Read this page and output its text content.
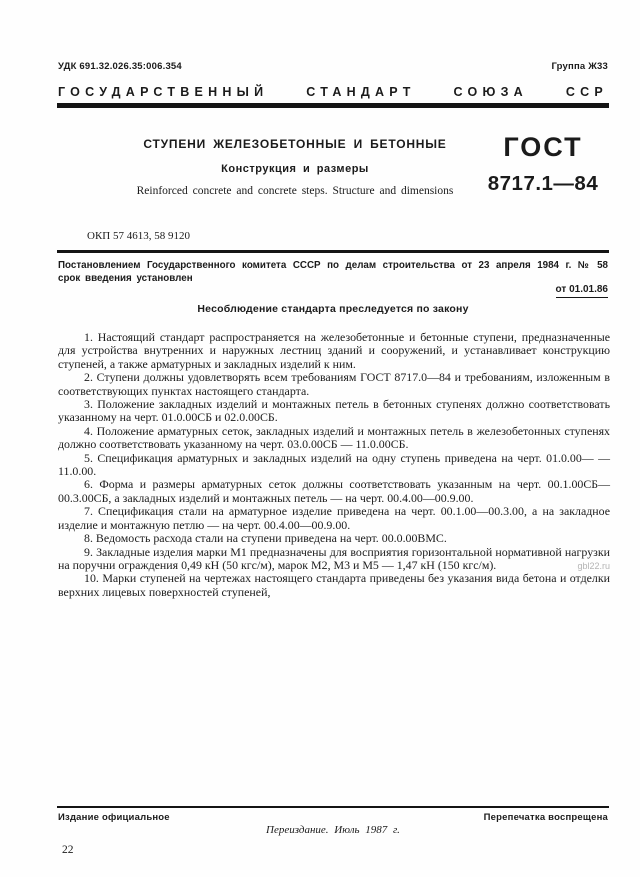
УДК 691.32.026.35:006.354	Группа Ж33
ГОСУДАРСТВЕННЫЙ	СТАНДАРТ	СОЮЗА	ССР
СТУПЕНИ ЖЕЛЕЗОБЕТОННЫЕ И БЕТОННЫЕ
Конструкция и размеры
Reinforced concrete and concrete steps. Structure and dimensions
ГОСТ
8717.1—84
ОКП 57 4613, 58 9120
Постановлением Государственного комитета СССР по делам строительства от 23 апреля 1984 г. № 58 срок введения установлен
от 01.01.86
Несоблюдение стандарта преследуется по закону

1. Настоящий стандарт распространяется на железобетонные и бетонные ступени, предназначенные для устройства внутренних и наружных лестниц зданий и сооружений, и устанавливает конструкцию ступеней, а также арматурных и закладных изделий к ним.

2. Ступени должны удовлетворять всем требованиям ГОСТ 8717.0—84 и требованиям, изложенным в соответствующих пунктах настоящего стандарта.

3. Положение закладных изделий и монтажных петель в бетонных ступенях должно соответствовать указанному на черт. 01.0.00СБ и 02.0.00СБ.

4. Положение арматурных сеток, закладных изделий и монтажных петель в железобетонных ступенях должно соответствовать указанному на черт. 03.0.00СБ — 11.0.00СБ.

5. Спецификация арматурных и закладных изделий на одну ступень приведена на черт. 01.0.00— —11.0.00.

6. Форма и размеры арматурных сеток должны соответствовать указанным на черт. 00.1.00СБ—00.3.00СБ, а закладных изделий и монтажных петель — на черт. 00.4.00—00.9.00.

7. Спецификация стали на арматурное изделие приведена на черт. 00.1.00—00.3.00, а на закладное изделие и монтажную петлю — на черт. 00.4.00—00.9.00.

8. Ведомость расхода стали на ступени приведена на черт. 00.0.00ВМС.

9. Закладные изделия марки М1 предназначены для восприятия горизонтальной нормативной нагрузки на поручни ограждения 0,49 кН (50 кгс/м), марок М2, М3 и М5 — 1,47 кН (150 кгс/м).

10. Марки ступеней на чертежах настоящего стандарта приведены без указания вида бетона и отделки верхних лицевых поверхностей ступеней,

gbl22.ru
Издание официальное	Перепечатка воспрещена
Переиздание. Июль 1987 г.
22
